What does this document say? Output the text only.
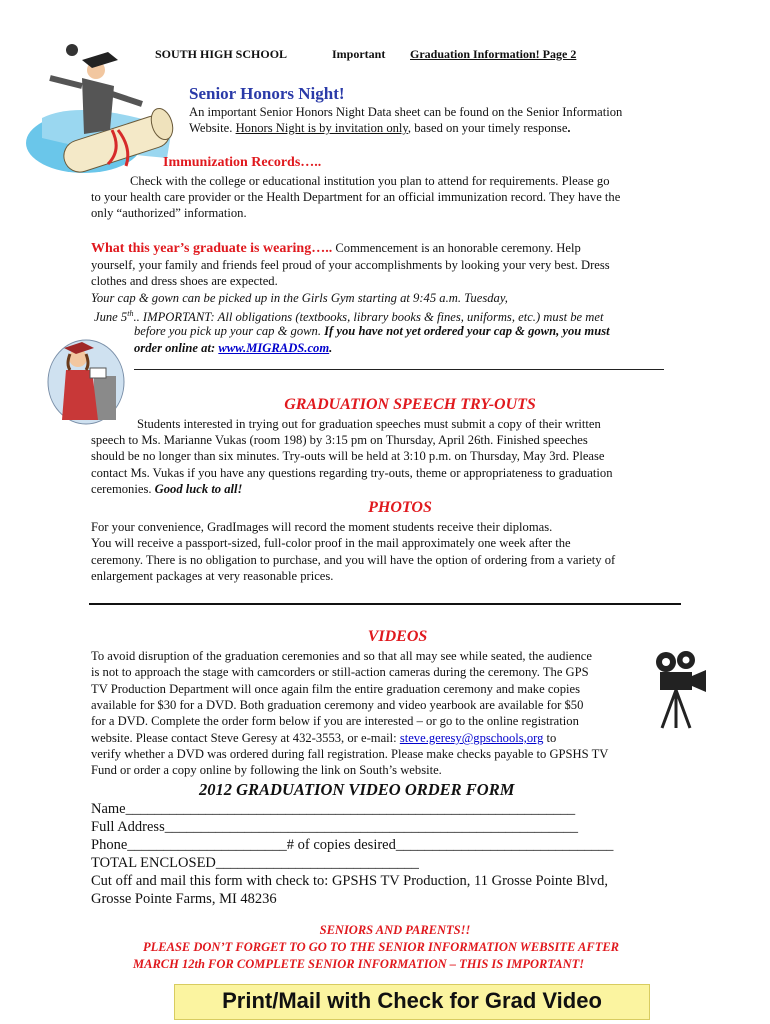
SOUTH HIGH SCHOOL	Important Graduation Information! Page 2
Senior Honors Night!

An important Senior Honors Night Data sheet can be found on the Senior Information

Website. Honors Night is by invitation only, based on your timely response.

Immunization Records…..

Check with the college or educational institution you plan to attend for requirements. Please go

to your health care provider or the Health Department for an official immunization record. They have the

only “authorized” information.

What this year’s graduate is wearing….. Commencement is an honorable ceremony. Help

yourself, your family and friends feel proud of your accomplishments by looking your very best. Dress

clothes and dress shoes are expected.

Your cap & gown can be picked up in the Girls Gym starting at 9:45 a.m. Tuesday,

June 5th.. IMPORTANT: All obligations (textbooks, library books & fines, uniforms, etc.) must be met

before you pick up your cap & gown. If you have not yet ordered your cap & gown, you must

order online at: www.MIGRADS.com.

GRADUATION SPEECH TRY-OUTS

Students interested in trying out for graduation speeches must submit a copy of their written

speech to Ms. Marianne Vukas (room 198) by 3:15 pm on Thursday, April 26th. Finished speeches

should be no longer than six minutes. Try-outs will be held at 3:10 p.m. on Thursday, May 3rd. Please

contact Ms. Vukas if you have any questions regarding try-outs, theme or appropriateness to graduation

ceremonies. Good luck to all!

PHOTOS

For your convenience, GradImages will record the moment students receive their diplomas.

You will receive a passport-sized, full-color proof in the mail approximately one week after the

ceremony. There is no obligation to purchase, and you will have the option of ordering from a variety of

enlargement packages at very reasonable prices.

VIDEOS

To avoid disruption of the graduation ceremonies and so that all may see while seated, the audience

is not to approach the stage with camcorders or still-action cameras during the ceremony. The GPS

TV Production Department will once again film the entire graduation ceremony and make copies

available for $30 for a DVD. Both graduation ceremony and video yearbook are available for $50

for a DVD. Complete the order form below if you are interested – or go to the online registration

website. Please contact Steve Geresy at 432-3553, or e-mail: steve.geresy@gpschools,org to

verify whether a DVD was ordered during fall registration. Please make checks payable to GPSHS TV

Fund or order a copy online by following the link on South’s website.

2012 GRADUATION VIDEO ORDER FORM
Name______________________________________________________________
Full Address_________________________________________________________
Phone______________________# of copies desired______________________________
TOTAL ENCLOSED____________________________
Cut off and mail this form with check to: GPSHS TV Production, 11 Grosse Pointe Blvd,
Grosse Pointe Farms, MI 48236
SENIORS AND PARENTS!!
PLEASE DON’T FORGET TO GO TO THE SENIOR INFORMATION WEBSITE AFTER
MARCH 12th FOR COMPLETE SENIOR INFORMATION – THIS IS IMPORTANT!
Print/Mail with Check for Grad Video
